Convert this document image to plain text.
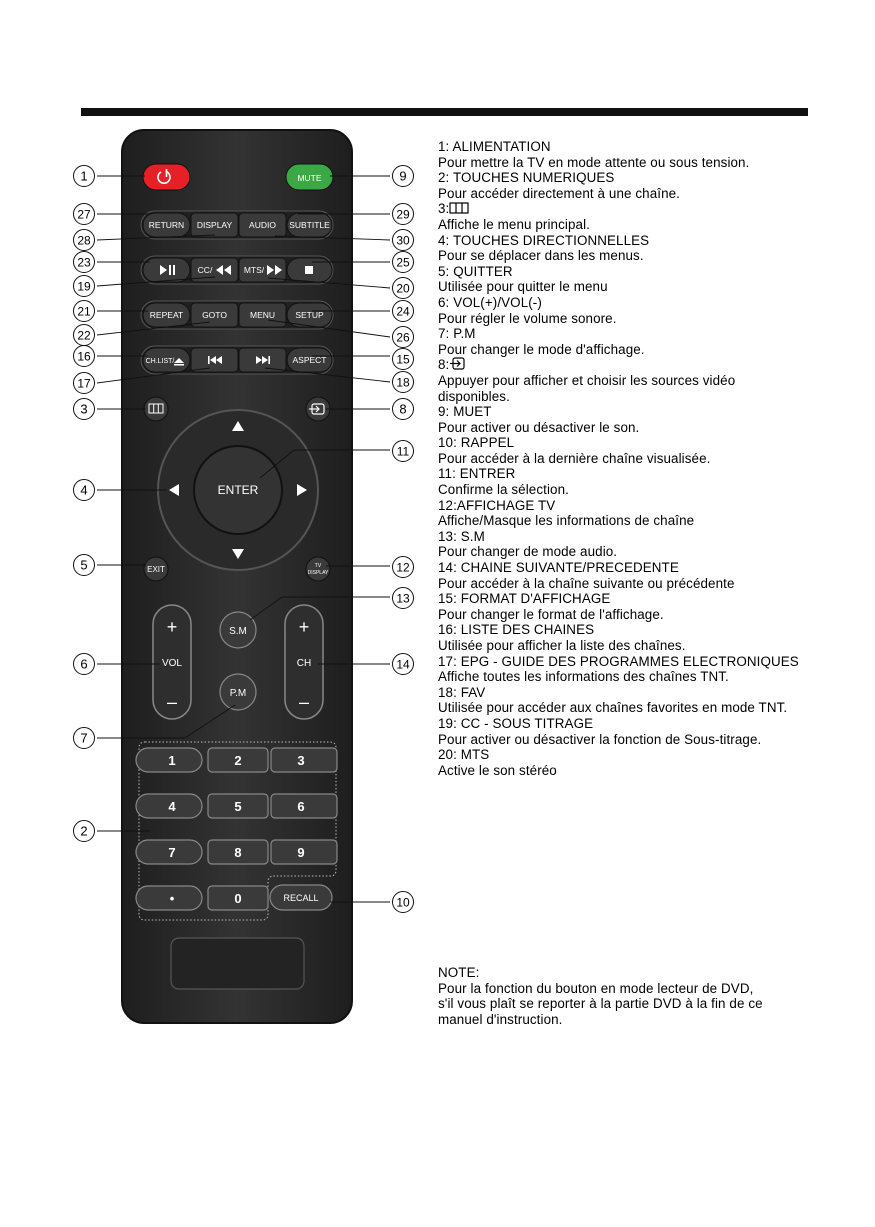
MUTE
RETURN DISPLAY AUDIO SUBTITLE
CC/	MTS/
REPEAT GOTO	MENU SETUP
CH.LIST/	ASPECT
ENTER
EXIT	TV
DISPLAY
+
VOL
–
+
CH
–
S.M
P.M
1	2	3
4	5	6
7	8	9
•	0	RECALL
1
2
3
4
5
6
7
8
9
10
11
12
13
14
15
16
17	18
19	20
21
22
23
24
25
26
27
28
29
30
1: ALIMENTATION
Pour mettre la TV en mode attente ou sous tension.
2: TOUCHES NUMERIQUES
Pour accéder directement à une chaîne.
3:
Affiche le menu principal.
4: TOUCHES DIRECTIONNELLES
Pour se déplacer dans les menus.
5: QUITTER
Utilisée pour quitter le menu
6: VOL(+)/VOL(-)
Pour régler le volume sonore.
7: P.M
Pour changer le mode d'affichage.
8:
Appuyer pour afficher et choisir les sources vidéo
disponibles.
9: MUET
Pour activer ou désactiver le son.
10: RAPPEL
Pour accéder à la dernière chaîne visualisée.
11: ENTRER
Confirme la sélection.
12:AFFICHAGE TV
Affiche/Masque les informations de chaîne
13: S.M
Pour changer de mode audio.
14: CHAINE SUIVANTE/PRECEDENTE
Pour accéder à la chaîne suivante ou précédente
15: FORMAT D'AFFICHAGE
Pour changer le format de l'affichage.
16: LISTE DES CHAINES
Utilisée pour afficher la liste des chaînes.
17: EPG - GUIDE DES PROGRAMMES ELECTRONIQUES
Affiche toutes les informations des chaînes TNT.
18: FAV
Utilisée pour accéder aux chaînes favorites en mode TNT.
19: CC - SOUS TITRAGE
Pour activer ou désactiver la fonction de Sous-titrage.
20: MTS
Active le son stéréo
NOTE:
Pour la fonction du bouton en mode lecteur de DVD,
s'il vous plaît se reporter à la partie DVD à la fin de ce
manuel d'instruction.
